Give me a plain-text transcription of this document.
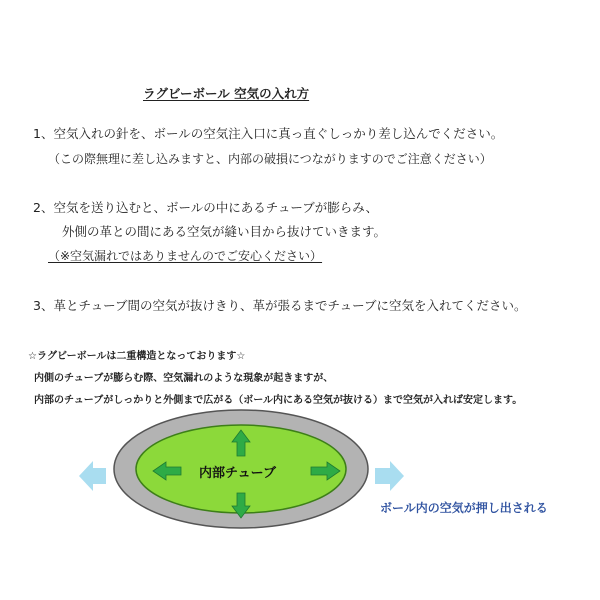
ラグビーボール 空気の入れ方
1、空気入れの針を、ボールの空気注入口に真っ直ぐしっかり差し込んでください。
（この際無理に差し込みますと、内部の破損につながりますのでご注意ください）
2、空気を送り込むと、ボールの中にあるチューブが膨らみ、
外側の革との間にある空気が縫い目から抜けていきます。
（※空気漏れではありませんのでご安心ください）
3、革とチューブ間の空気が抜けきり、革が張るまでチューブに空気を入れてください。
☆ラグビーボールは二重構造となっております☆
内側のチューブが膨らむ際、空気漏れのような現象が起きますが、
内部のチューブがしっかりと外側まで広がる（ボール内にある空気が抜ける）まで空気が入れば安定します。
内部チューブ
ボール内の空気が押し出される
